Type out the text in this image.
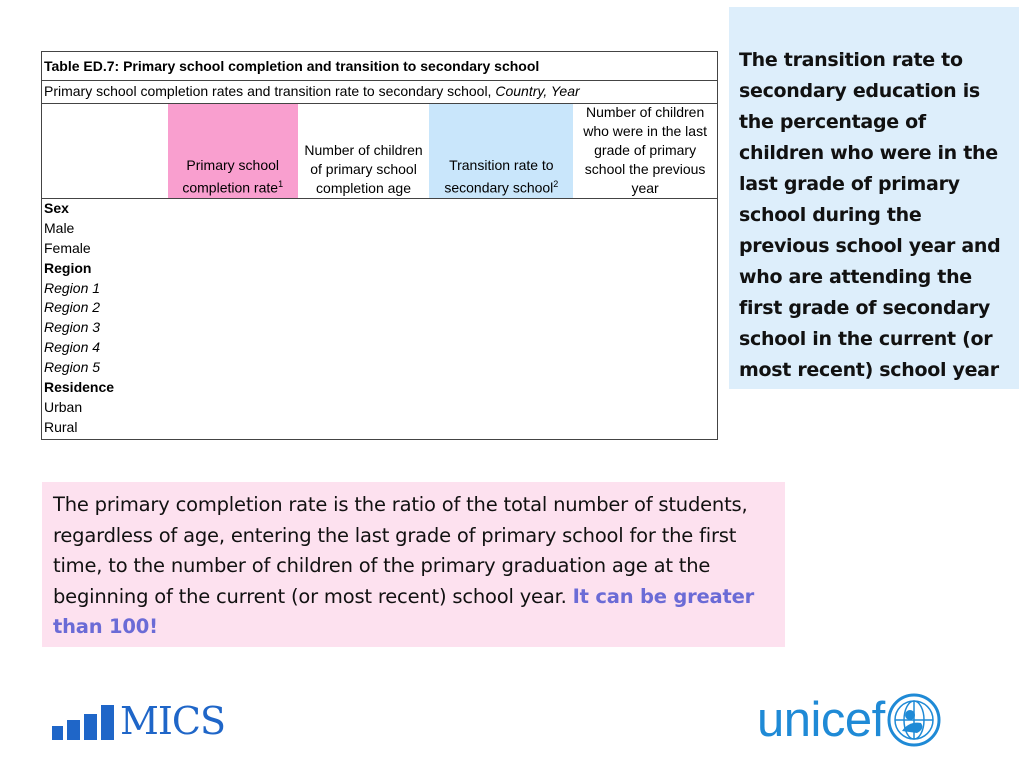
Table ED.7: Primary school completion and transition to secondary school
Primary school completion rates and transition rate to secondary school, Country, Year
Primary school completion rate$^1$
Number of children of primary school completion age
Transition rate to secondary school$^2$
Number of children who were in the last grade of primary school the previous year
Sex
Male
Female
Region
Region 1
Region 2
Region 3
Region 4
Region 5
Residence
Urban
Rural
The transition rate to secondary education is the percentage of children who were in the last grade of primary school during the previous school year and who are attending the first grade of secondary school in the current (or most recent) school year
The primary completion rate is the ratio of the total number of students, regardless of age, entering the last grade of primary school for the first time, to the number of children of the primary graduation age at the beginning of the current (or most recent) school year. It can be greater than 100!
MICS	unicef
